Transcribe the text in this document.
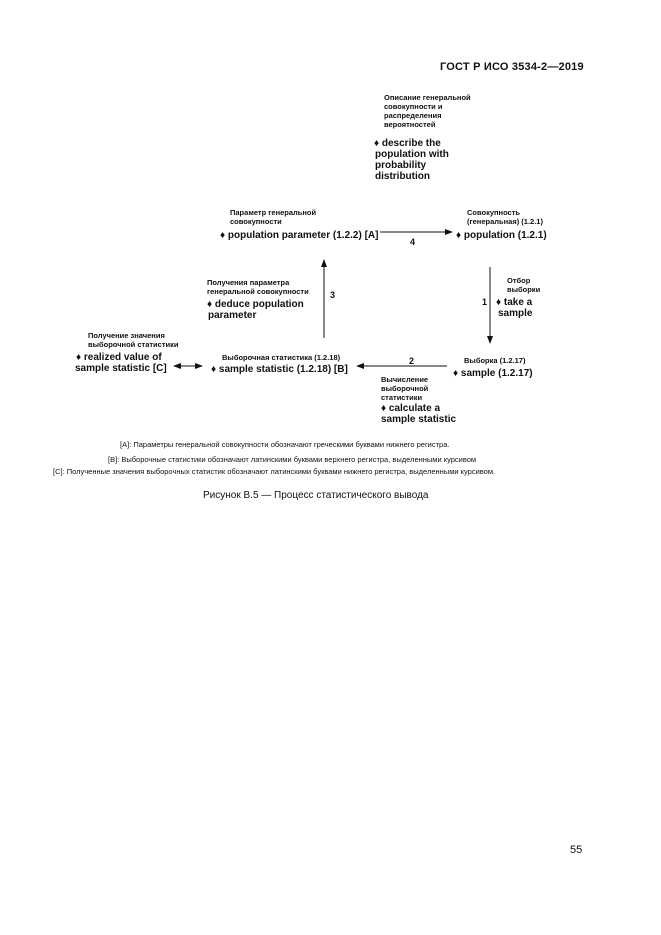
ГОСТ Р ИСО 3534-2—2019
Описание генеральной
совокупности и
распределения
вероятностей
♦ describe the
population with
probability
distribution
Параметр генеральной
совокупности
♦ population parameter (1.2.2) [A]
Совокупность
(генеральная) (1.2.1)
♦ population (1.2.1)
4
1
2
3
Отбор
выборки
♦ take a
sample
Получения параметра
генеральной совокупности
♦ deduce population
parameter
Получение значения
выборочной статистики
♦ realized value of
sample statistic [C]
Выборочная статистика (1.2.18)
♦ sample statistic (1.2.18) [B]
Выборка (1.2.17)
♦ sample (1.2.17)
Вычисление
выборочной
статистики
♦ calculate a
sample statistic
[A]: Параметры генеральной совокупности обозначают греческими буквами нижнего регистра.
[B]: Выборочные статистики обозначают латинскими буквами верхнего регистра, выделенными курсивом
[C]: Полученные значения выборочных статистик обозначают латинскими буквами нижнего регистра, выделенными курсивом.
Рисунок В.5 — Процесс статистического вывода
55
